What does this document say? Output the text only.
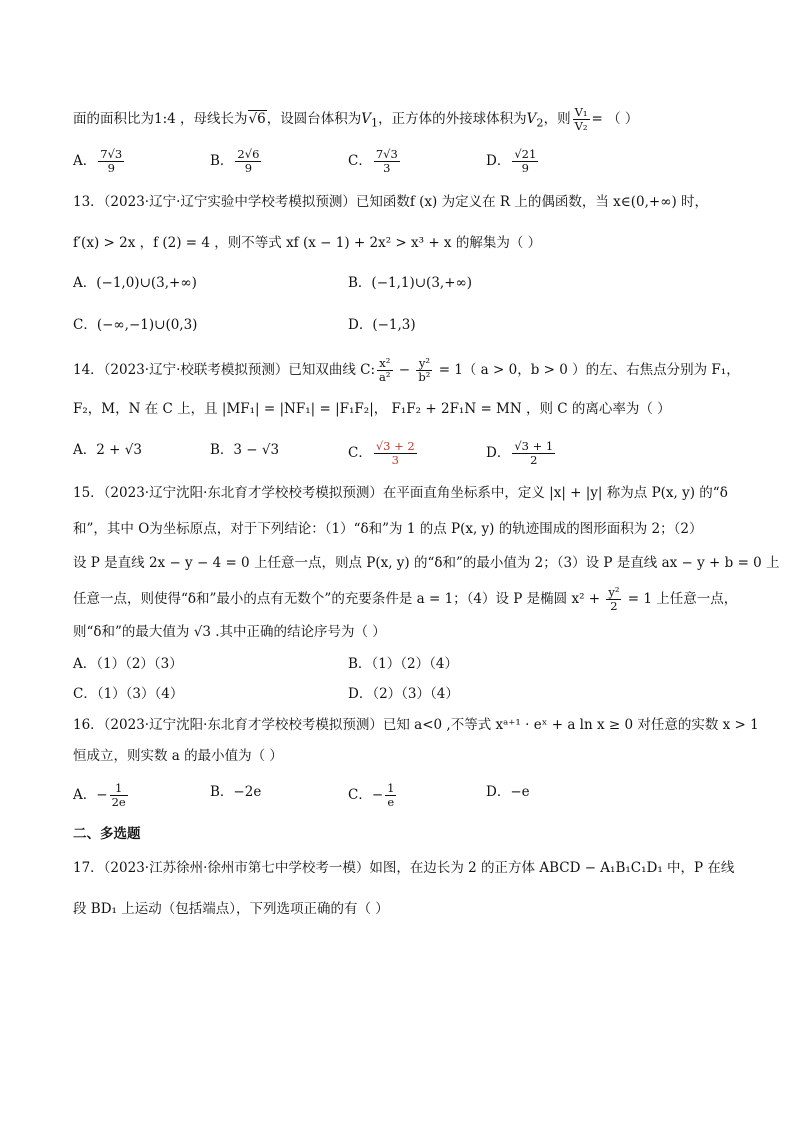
面的面积比为1:4 ，母线长为√6，设圆台体积为$V_1$，正方体的外接球体积为$V_2$，则 $\frac{\text{V₁}}{\text{V₂}}$ = （ ）
A． $\frac{7√3}{9}$	B． $\frac{2√6}{9}$	C． $\frac{7√3}{3}$	D． $\frac{√21}{9}$
13．（2023·辽宁·辽宁实验中学校考模拟预测）已知函数f (x) 为定义在 R 上的偶函数，当 x∈(0,+∞) 时，
f′(x) > 2x ，f (2) = 4 ，则不等式 xf (x − 1) + 2x² > x³ + x 的解集为（ ）
A．(−1,0)∪(3,+∞)	B．(−1,1)∪(3,+∞)
C．(−∞,−1)∪(0,3)	D．(−1,3)
14．（2023·辽宁·校联考模拟预测）已知双曲线 C: $\frac{\text{x²}}{\text{a²}} - \frac{\text{y²}}{\text{b²}} = 1$（ a > 0，b > 0 ）的左、右焦点分别为 F₁，
F₂，M，N 在 C 上，且 |MF₁| = |NF₁| = |F₁F₂|， F₁F₂ + 2F₁N = MN ，则 C 的离心率为（ ）
A．2 + √3	B．3 − √3	C． $\frac{√3 + 2}{3}$	D． $\frac{√3 + 1}{2}$
15．（2023·辽宁沈阳·东北育才学校校考模拟预测）在平面直角坐标系中，定义 |x| + |y| 称为点 P(x, y) 的“δ
和”，其中 O为坐标原点，对于下列结论：（1）“δ和”为 1 的点 P(x, y) 的轨迹围成的图形面积为 2；（2）
设 P 是直线 2x − y − 4 = 0 上任意一点，则点 P(x, y) 的“δ和”的最小值为 2；（3）设 P 是直线 ax − y + b = 0 上
任意一点，则使得“δ和”最小的点有无数个”的充要条件是 a = 1；（4）设 P 是椭圆 $x^2 + \frac{\text{y²}}{2} = 1$ 上任意一点，
则“δ和”的最大值为 √3 .其中正确的结论序号为（ ）
A．（1）（2）（3）	B．（1）（2）（4）
C．（1）（3）（4）	D．（2）（3）（4）
16．（2023·辽宁沈阳·东北育才学校校考模拟预测）已知 a<0 ,不等式 xᵃ⁺¹ · eˣ + a ln x ≥ 0 对任意的实数 x > 1
恒成立，则实数 a 的最小值为（ ）
A．− $\frac{1}{2e}$	B．−2e	C．− $\frac{1}{e}$	D．−e
二、多选题
17．（2023·江苏徐州·徐州市第七中学校考一模）如图，在边长为 2 的正方体 ABCD − A₁B₁C₁D₁ 中，P 在线
段 BD₁ 上运动（包括端点），下列选项正确的有（ ）
